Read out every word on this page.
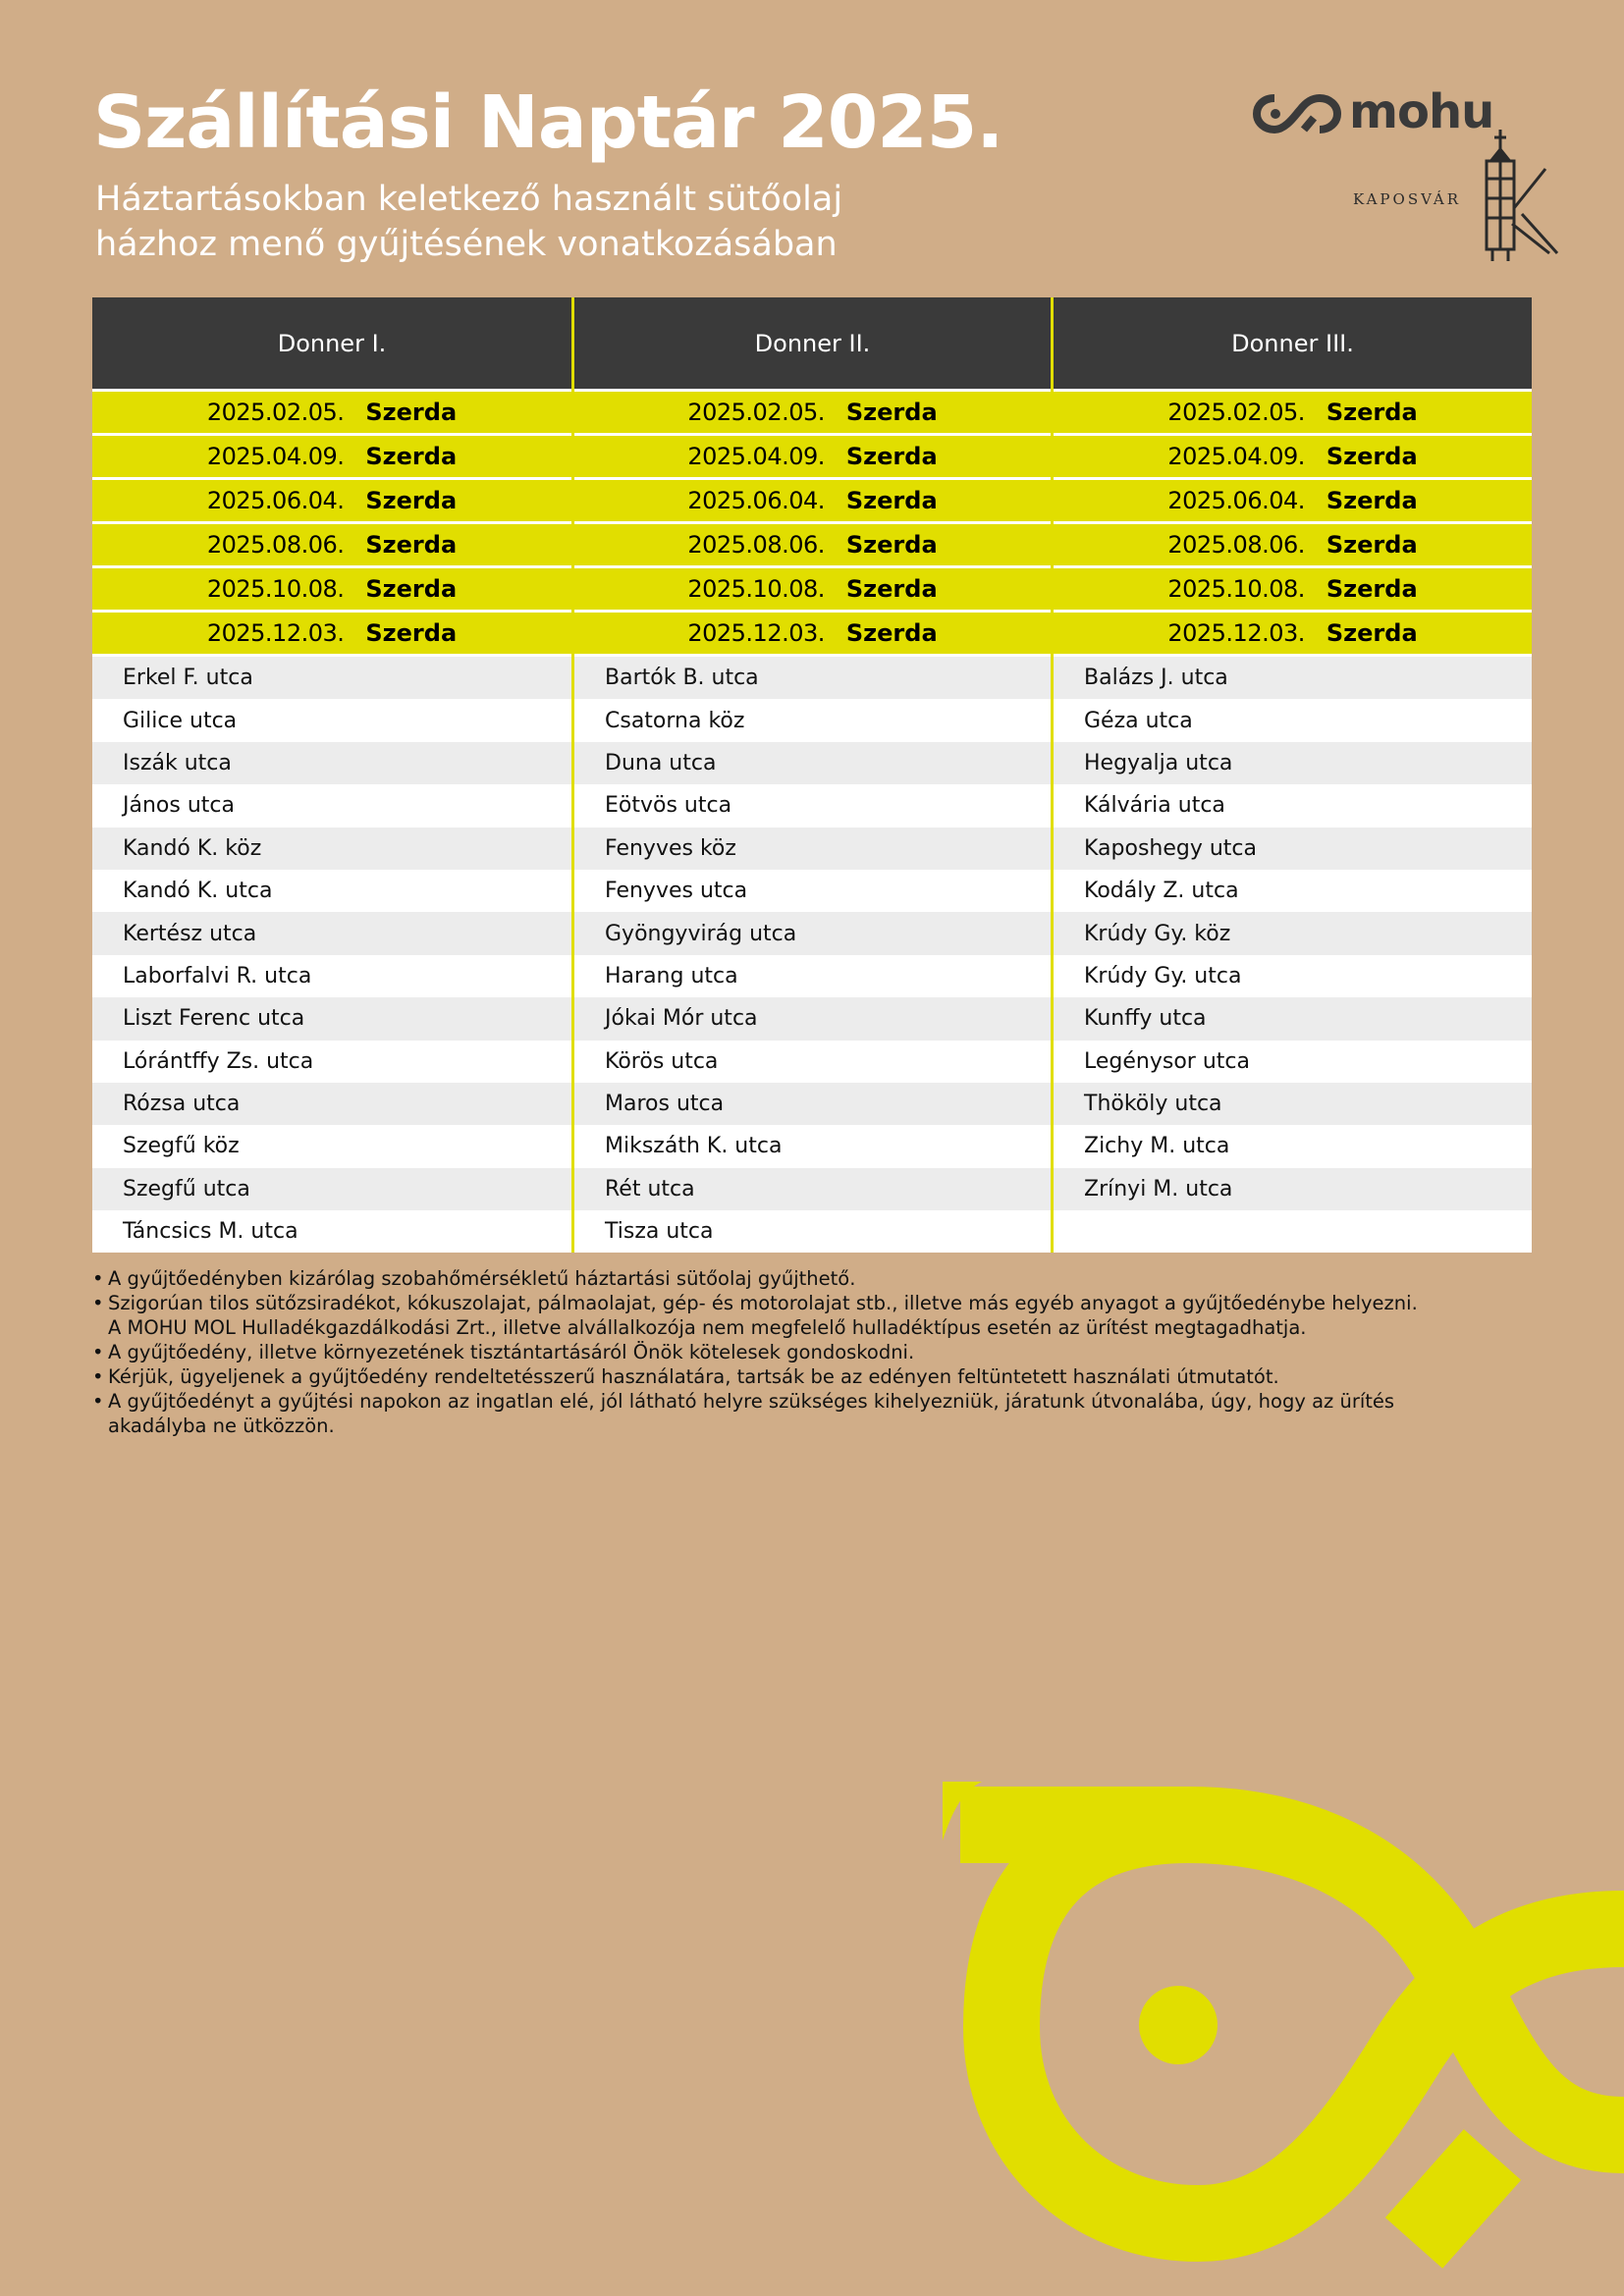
Szállítási Naptár 2025.
Háztartásokban keletkező használt sütőolaj
házhoz menő gyűjtésének vonatkozásában
mohu
KAPOSVÁR
Donner I.
2025.02.05. Szerda
2025.04.09. Szerda
2025.06.04. Szerda
2025.08.06. Szerda
2025.10.08. Szerda
2025.12.03. Szerda
Erkel F. utca
Gilice utca
Iszák utca
János utca
Kandó K. köz
Kandó K. utca
Kertész utca
Laborfalvi R. utca
Liszt Ferenc utca
Lórántffy Zs. utca
Rózsa utca
Szegfű köz
Szegfű utca
Táncsics M. utca
Donner II.
2025.02.05. Szerda
2025.04.09. Szerda
2025.06.04. Szerda
2025.08.06. Szerda
2025.10.08. Szerda
2025.12.03. Szerda
Bartók B. utca
Csatorna köz
Duna utca
Eötvös utca
Fenyves köz
Fenyves utca
Gyöngyvirág utca
Harang utca
Jókai Mór utca
Körös utca
Maros utca
Mikszáth K. utca
Rét utca
Tisza utca
Donner III.
2025.02.05. Szerda
2025.04.09. Szerda
2025.06.04. Szerda
2025.08.06. Szerda
2025.10.08. Szerda
2025.12.03. Szerda
Balázs J. utca
Géza utca
Hegyalja utca
Kálvária utca
Kaposhegy utca
Kodály Z. utca
Krúdy Gy. köz
Krúdy Gy. utca
Kunffy utca
Legénysor utca
Thököly utca
Zichy M. utca
Zrínyi M. utca
• A gyűjtőedényben kizárólag szobahőmérsékletű háztartási sütőolaj gyűjthető.
• Szigorúan tilos sütőzsiradékot, kókuszolajat, pálmaolajat, gép- és motorolajat stb., illetve más egyéb anyagot a gyűjtőedénybe helyezni.
A MOHU MOL Hulladékgazdálkodási Zrt., illetve alvállalkozója nem megfelelő hulladéktípus esetén az ürítést megtagadhatja.
• A gyűjtőedény, illetve környezetének tisztántartásáról Önök kötelesek gondoskodni.
• Kérjük, ügyeljenek a gyűjtőedény rendeltetésszerű használatára, tartsák be az edényen feltüntetett használati útmutatót.
• A gyűjtőedényt a gyűjtési napokon az ingatlan elé, jól látható helyre szükséges kihelyezniük, járatunk útvonalába, úgy, hogy az ürítés
akadályba ne ütközzön.
